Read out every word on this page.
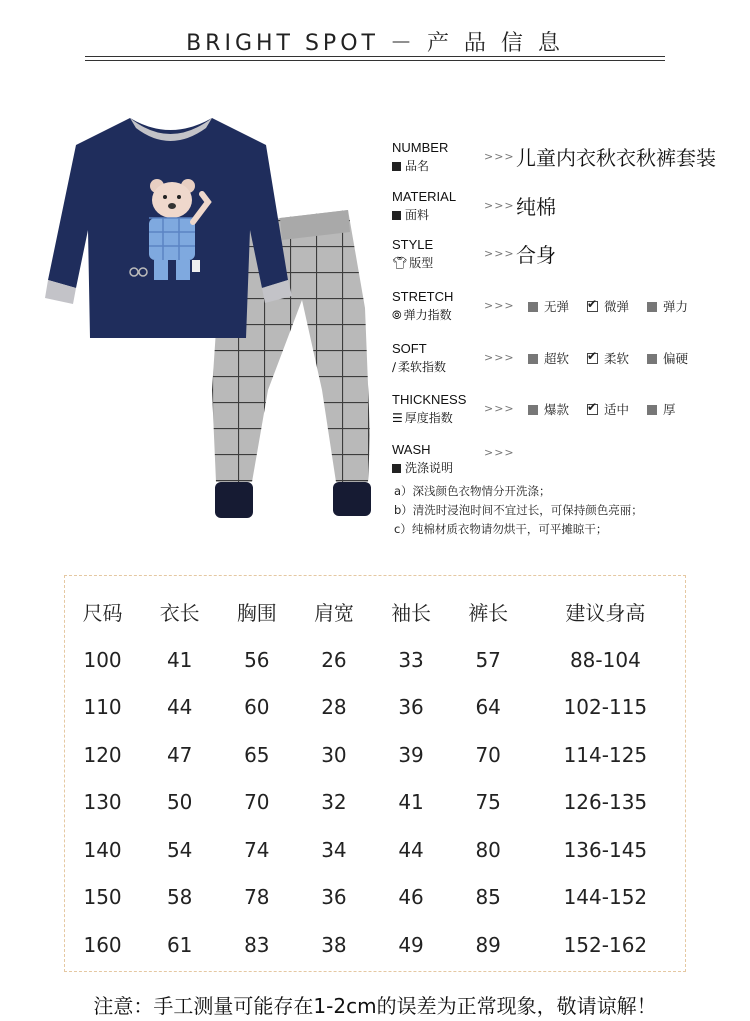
BRIGHT SPOT － 产 品 信 息
NUMBER
品名
>>> 儿童内衣秋衣秋裤套装
MATERIAL
面料
>>> 纯棉
STYLE
👕︎ 版型
>>> 合身
STRETCH
⦾ 弹力指数
>>>	无弹 ✔	微弹	弹力
SOFT
∕ 柔软指数
>>>	超软 ✔	柔软	偏硬
THICKNESS
☰ 厚度指数
>>>	爆款 ✔	适中	厚
WASH
洗涤说明
>>>
a）深浅颜色衣物情分开洗涤；
b）清洗时浸泡时间不宜过长，可保持颜色亮丽；
c）纯棉材质衣物请勿烘干，可平摊晾干；
尺码	衣长	胸围	肩宽	袖长	裤长	建议身高
100	41	56	26	33	57	88-104
110	44	60	28	36	64	102-115
120	47	65	30	39	70	114-125
130	50	70	32	41	75	126-135
140	54	74	34	44	80	136-145
150	58	78	36	46	85	144-152
160	61	83	38	49	89	152-162
注意：手工测量可能存在1-2cm的误差为正常现象，敬请谅解！
